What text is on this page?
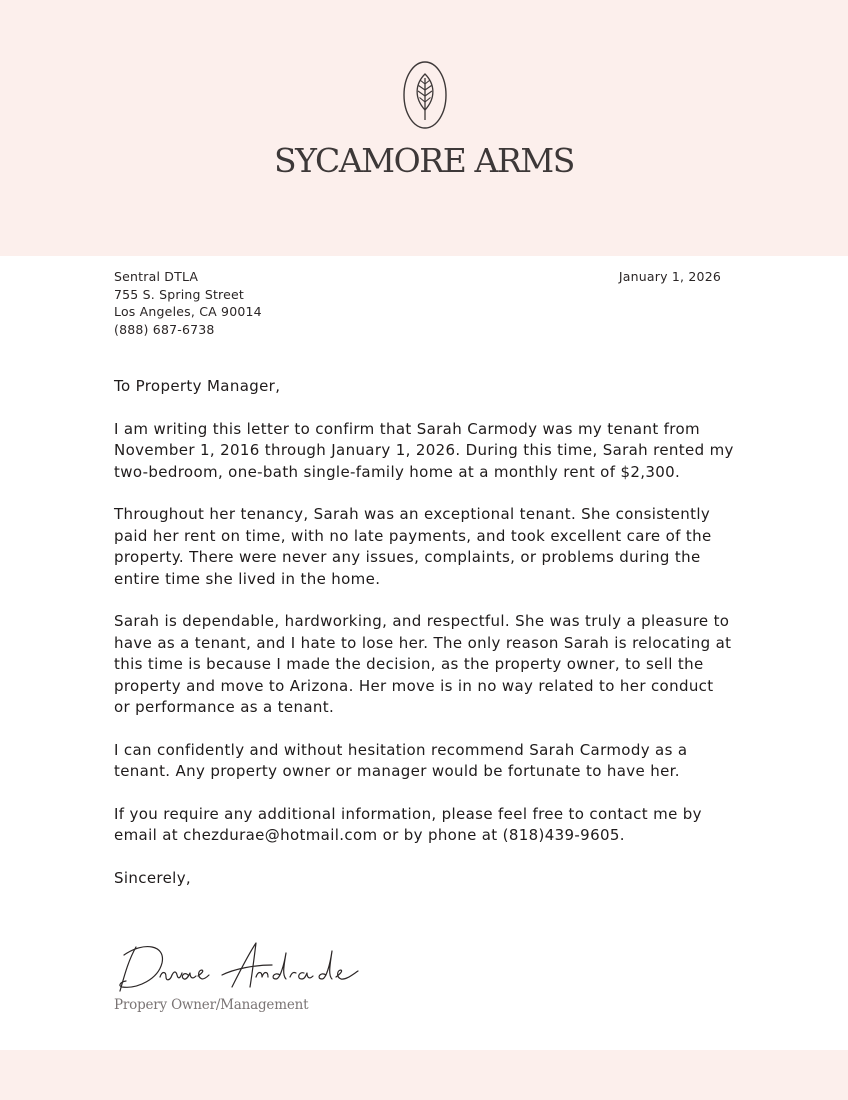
SYCAMORE ARMS
Sentral DTLA
755 S. Spring Street
Los Angeles, CA 90014
(888) 687-6738
January 1, 2026

To Property Manager,

I am writing this letter to confirm that Sarah Carmody was my tenant from November 1, 2016 through January 1, 2026. During this time, Sarah rented my two-bedroom, one-bath single-family home at a monthly rent of $2,300.

Throughout her tenancy, Sarah was an exceptional tenant. She consistently paid her rent on time, with no late payments, and took excellent care of the property. There were never any issues, complaints, or problems during the entire time she lived in the home.

Sarah is dependable, hardworking, and respectful. She was truly a pleasure to have as a tenant, and I hate to lose her. The only reason Sarah is relocating at this time is because I made the decision, as the property owner, to sell the property and move to Arizona. Her move is in no way related to her conduct or performance as a tenant.

I can confidently and without hesitation recommend Sarah Carmody as a tenant. Any property owner or manager would be fortunate to have her.

If you require any additional information, please feel free to contact me by email at chezdurae@hotmail.com or by phone at (818)439-9605.

Sincerely,

Propery Owner/Management
